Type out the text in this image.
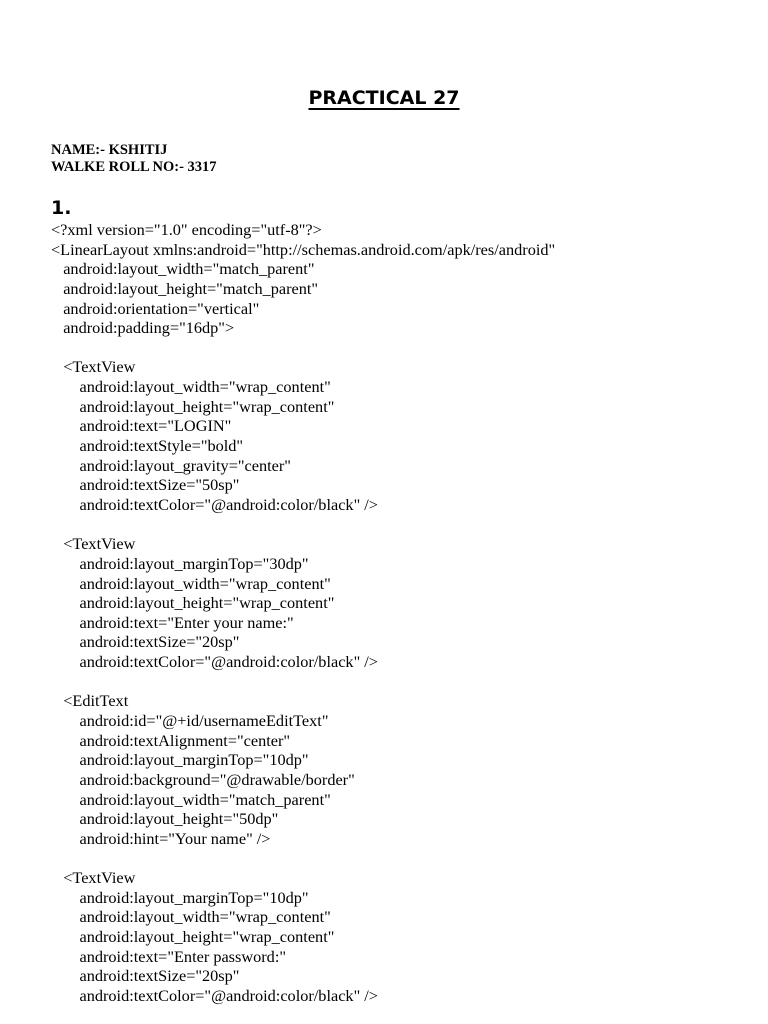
PRACTICAL 27
NAME:- KSHITIJ
WALKE ROLL NO:- 3317
1.
<?xml version="1.0" encoding="utf-8"?>
<LinearLayout xmlns:android="http://schemas.android.com/apk/res/android"
android:layout_width="match_parent"
android:layout_height="match_parent"
android:orientation="vertical"
android:padding="16dp">
<TextView
android:layout_width="wrap_content"
android:layout_height="wrap_content"
android:text="LOGIN"
android:textStyle="bold"
android:layout_gravity="center"
android:textSize="50sp"
android:textColor="@android:color/black" />
<TextView
android:layout_marginTop="30dp"
android:layout_width="wrap_content"
android:layout_height="wrap_content"
android:text="Enter your name:"
android:textSize="20sp"
android:textColor="@android:color/black" />
<EditText
android:id="@+id/usernameEditText"
android:textAlignment="center"
android:layout_marginTop="10dp"
android:background="@drawable/border"
android:layout_width="match_parent"
android:layout_height="50dp"
android:hint="Your name" />
<TextView
android:layout_marginTop="10dp"
android:layout_width="wrap_content"
android:layout_height="wrap_content"
android:text="Enter password:"
android:textSize="20sp"
android:textColor="@android:color/black" />
